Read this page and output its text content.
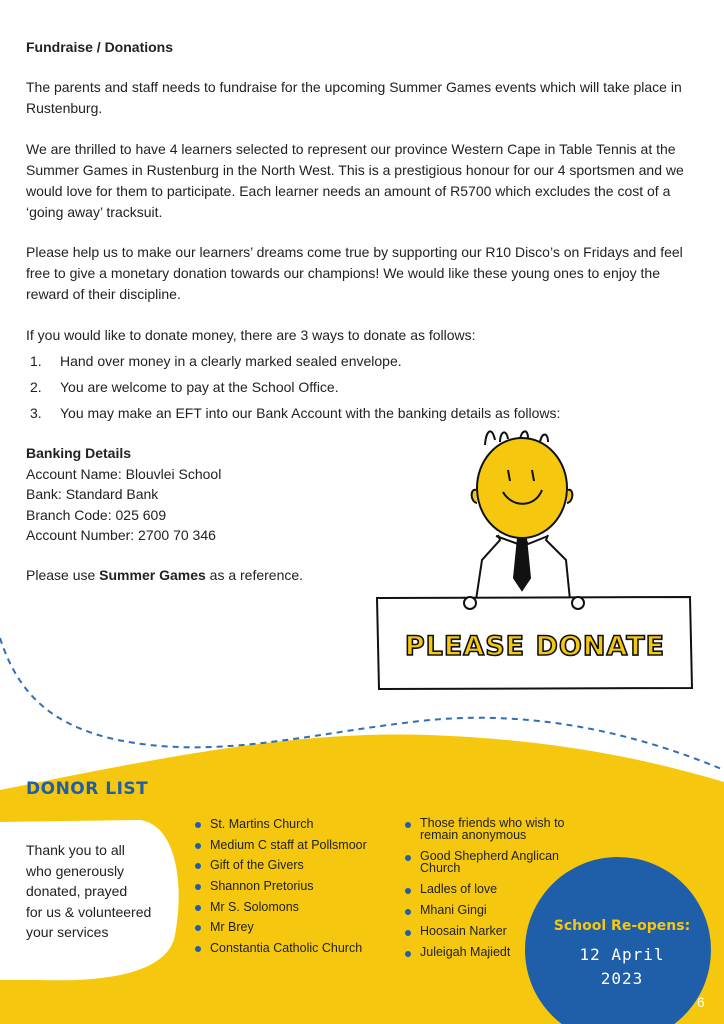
PLEASE DONATE

Fundraise / Donations

The parents and staff needs to fundraise for the upcoming Summer Games events which will take place in Rustenburg.

We are thrilled to have 4 learners selected to represent our province Western Cape in Table Tennis at the Summer Games in Rustenburg in the North West. This is a prestigious honour for our 4 sportsmen and we would love for them to participate. Each learner needs an amount of R5700 which excludes the cost of a ‘going away’ tracksuit.

Please help us to make our learners’ dreams come true by supporting our R10 Disco’s on Fridays and feel free to give a monetary donation towards our champions! We would like these young ones to enjoy the reward of their discipline.

If you would like to donate money, there are 3 ways to donate as follows:

1. Hand over money in a clearly marked sealed envelope.
2. You are welcome to pay at the School Office.
3. You may make an EFT into our Bank Account with the banking details as follows:
Banking Details
Account Name: Blouvlei School
Bank: Standard Bank
Branch Code: 025 609
Account Number: 2700 70 346
Please use Summer Games as a reference.
DONOR LIST
Thank you to all
who generously
donated, prayed
for us & volunteered
your services
St. Martins Church
Medium C staff at Pollsmoor
Gift of the Givers
Shannon Pretorius
Mr S. Solomons
Mr Brey
Constantia Catholic Church
Those friends who wish to
remain anonymous
Good Shepherd Anglican
Church
Ladles of love
Mhani Gingi
Hoosain Narker
Juleigah Majiedt
School Re-opens:
12 April
2023
6
